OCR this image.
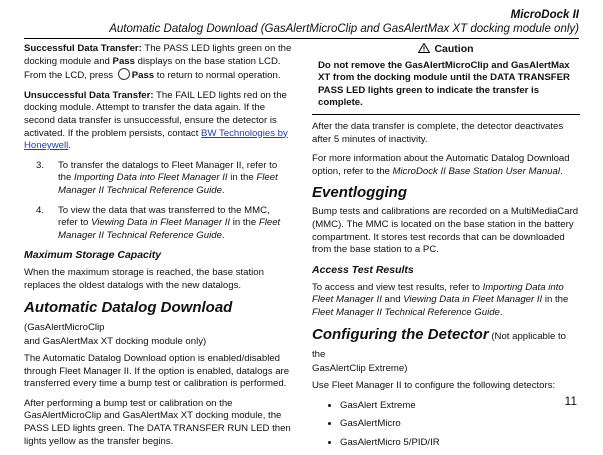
MicroDock II
Automatic Datalog Download (GasAlertMicroClip and GasAlertMax XT docking module only)

Successful Data Transfer: The PASS LED lights green on the docking module and Pass displays on the base station LCD. From the LCD, press Pass to return to normal operation.

Unsuccessful Data Transfer: The FAIL LED lights red on the docking module. Attempt to transfer the data again. If the second data transfer is unsuccessful, ensure the detector is activated. If the problem persists, contact BW Technologies by Honeywell.

3.	To transfer the datalogs to Fleet Manager II, refer to the Importing Data into Fleet Manager II in the Fleet Manager II Technical Reference Guide.
4.	To view the data that was transferred to the MMC, refer to Viewing Data in Fleet Manager II in the Fleet Manager II Technical Reference Guide.
Maximum Storage Capacity

When the maximum storage is reached, the base station replaces the oldest datalogs with the new datalogs.

Automatic Datalog Download (GasAlertMicroClip
and GasAlertMax XT docking module only)

The Automatic Datalog Download option is enabled/disabled through Fleet Manager II. If the option is enabled, datalogs are transferred every time a bump test or calibration is performed.

After performing a bump test or calibration on the GasAlertMicroClip and GasAlertMax XT docking module, the PASS LED lights green. The DATA TRANSFER RUN LED then lights yellow as the transfer begins.

Caution

Do not remove the GasAlertMicroClip and GasAlertMax XT from the docking module until the DATA TRANSFER PASS LED lights green to indicate the transfer is complete.

After the data transfer is complete, the detector deactivates after 5 minutes of inactivity.

For more information about the Automatic Datalog Download option, refer to the MicroDock II Base Station User Manual.

Eventlogging

Bump tests and calibrations are recorded on a MultiMediaCard (MMC). The MMC is located on the base station in the battery compartment. It stores test records that can be downloaded from the base station to a PC.

Access Test Results

To access and view test results, refer to Importing Data into Fleet Manager II and Viewing Data in Fleet Manager II in the Fleet Manager II Technical Reference Guide.

Configuring the Detector (Not applicable to the
GasAlertClip Extreme)

Use Fleet Manager II to configure the following detectors:

• GasAlert Extreme
• GasAlertMicro
• GasAlertMicro 5/PID/IR
11
